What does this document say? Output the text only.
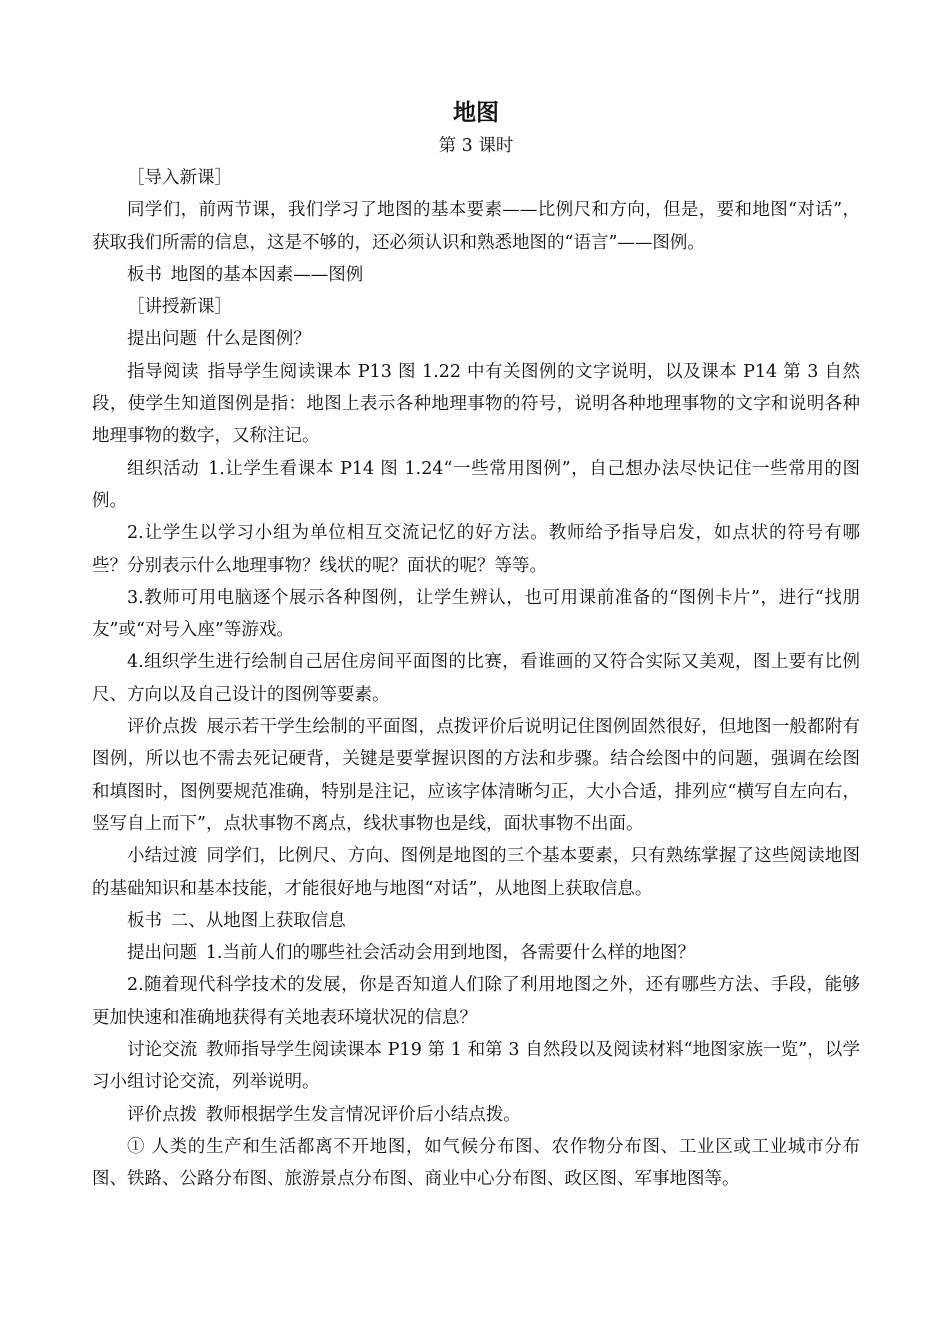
地图
第 3 课时

［导入新课］

同学们，前两节课，我们学习了地图的基本要素——比例尺和方向，但是，要和地图“对话”，获取我们所需的信息，这是不够的，还必须认识和熟悉地图的“语言”——图例。

板书 地图的基本因素——图例

［讲授新课］

提出问题 什么是图例？

指导阅读 指导学生阅读课本 P13 图 1.22 中有关图例的文字说明，以及课本 P14 第 3 自然段，使学生知道图例是指：地图上表示各种地理事物的符号，说明各种地理事物的文字和说明各种地理事物的数字，又称注记。

组织活动 1.让学生看课本 P14 图 1.24“一些常用图例”，自己想办法尽快记住一些常用的图例。

2.让学生以学习小组为单位相互交流记忆的好方法。教师给予指导启发，如点状的符号有哪些？分别表示什么地理事物？线状的呢？面状的呢？等等。

3.教师可用电脑逐个展示各种图例，让学生辨认，也可用课前准备的“图例卡片”，进行“找朋友”或“对号入座”等游戏。

4.组织学生进行绘制自己居住房间平面图的比赛，看谁画的又符合实际又美观，图上要有比例尺、方向以及自己设计的图例等要素。

评价点拨 展示若干学生绘制的平面图，点拨评价后说明记住图例固然很好，但地图一般都附有图例，所以也不需去死记硬背，关键是要掌握识图的方法和步骤。结合绘图中的问题，强调在绘图和填图时，图例要规范准确，特别是注记，应该字体清晰匀正，大小合适，排列应“横写自左向右，竖写自上而下”，点状事物不离点，线状事物也是线，面状事物不出面。

小结过渡 同学们，比例尺、方向、图例是地图的三个基本要素，只有熟练掌握了这些阅读地图的基础知识和基本技能，才能很好地与地图“对话”，从地图上获取信息。

板书 二、从地图上获取信息

提出问题 1.当前人们的哪些社会活动会用到地图，各需要什么样的地图？

2.随着现代科学技术的发展，你是否知道人们除了利用地图之外，还有哪些方法、手段，能够更加快速和准确地获得有关地表环境状况的信息？

讨论交流 教师指导学生阅读课本 P19 第 1 和第 3 自然段以及阅读材料“地图家族一览”，以学习小组讨论交流，列举说明。

评价点拨 教师根据学生发言情况评价后小结点拨。

① 人类的生产和生活都离不开地图，如气候分布图、农作物分布图、工业区或工业城市分布图、铁路、公路分布图、旅游景点分布图、商业中心分布图、政区图、军事地图等。
